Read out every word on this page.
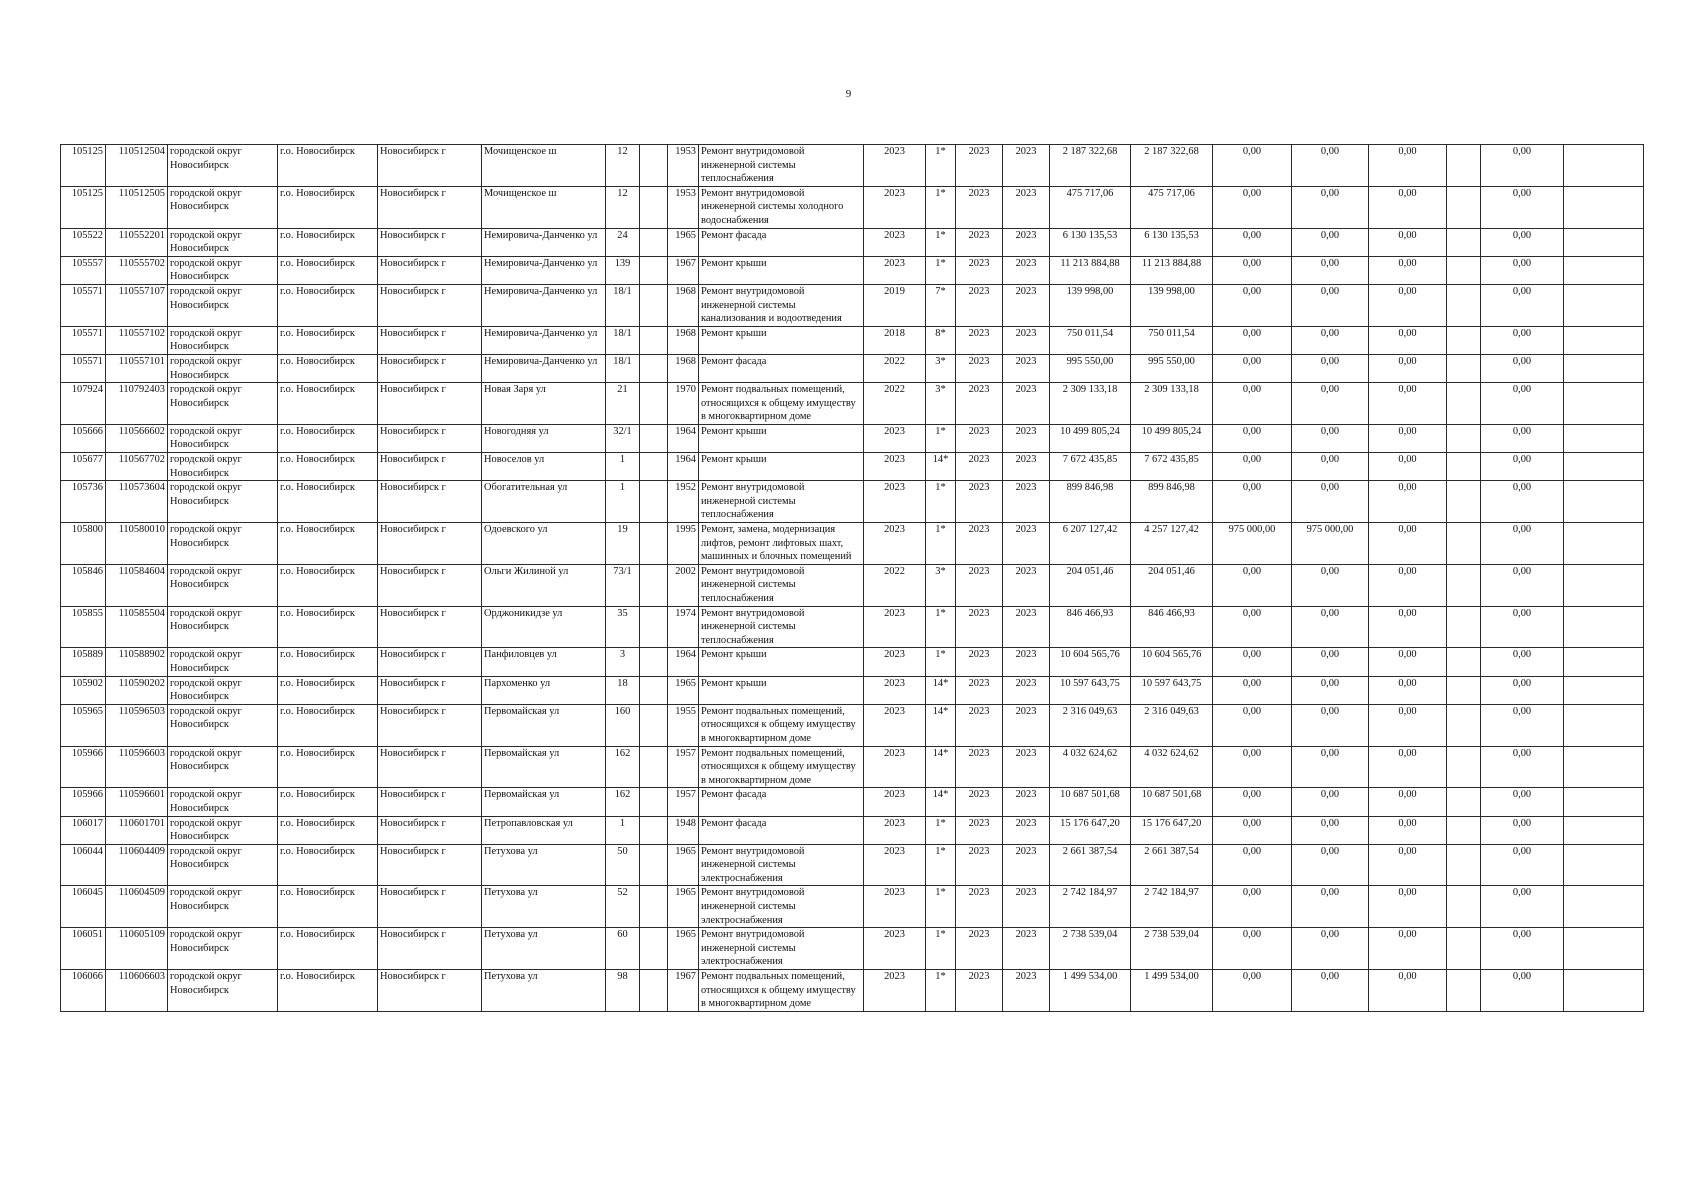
9
105125	110512504	городской округ Новосибирск	г.о. Новосибирск	Новосибирск г	Мочищенское ш	12		1953	Ремонт внутридомовой инженерной системы теплоснабжения	2023	1*	2023	2023	2 187 322,68	2 187 322,68	0,00	0,00	0,00		0,00	
105125	110512505	городской округ Новосибирск	г.о. Новосибирск	Новосибирск г	Мочищенское ш	12		1953	Ремонт внутридомовой инженерной системы холодного водоснабжения	2023	1*	2023	2023	475 717,06	475 717,06	0,00	0,00	0,00		0,00	
105522	110552201	городской округ Новосибирск	г.о. Новосибирск	Новосибирск г	Немировича-Данченко ул	24		1965	Ремонт фасада	2023	1*	2023	2023	6 130 135,53	6 130 135,53	0,00	0,00	0,00		0,00	
105557	110555702	городской округ Новосибирск	г.о. Новосибирск	Новосибирск г	Немировича-Данченко ул	139		1967	Ремонт крыши	2023	1*	2023	2023	11 213 884,88	11 213 884,88	0,00	0,00	0,00		0,00	
105571	110557107	городской округ Новосибирск	г.о. Новосибирск	Новосибирск г	Немировича-Данченко ул	18/1		1968	Ремонт внутридомовой инженерной системы канализования и водоотведения	2019	7*	2023	2023	139 998,00	139 998,00	0,00	0,00	0,00		0,00	
105571	110557102	городской округ Новосибирск	г.о. Новосибирск	Новосибирск г	Немировича-Данченко ул	18/1		1968	Ремонт крыши	2018	8*	2023	2023	750 011,54	750 011,54	0,00	0,00	0,00		0,00	
105571	110557101	городской округ Новосибирск	г.о. Новосибирск	Новосибирск г	Немировича-Данченко ул	18/1		1968	Ремонт фасада	2022	3*	2023	2023	995 550,00	995 550,00	0,00	0,00	0,00		0,00	
107924	110792403	городской округ Новосибирск	г.о. Новосибирск	Новосибирск г	Новая Заря ул	21		1970	Ремонт подвальных помещений, относящихся к общему имуществу в многоквартирном доме	2022	3*	2023	2023	2 309 133,18	2 309 133,18	0,00	0,00	0,00		0,00	
105666	110566602	городской округ Новосибирск	г.о. Новосибирск	Новосибирск г	Новогодняя ул	32/1		1964	Ремонт крыши	2023	1*	2023	2023	10 499 805,24	10 499 805,24	0,00	0,00	0,00		0,00	
105677	110567702	городской округ Новосибирск	г.о. Новосибирск	Новосибирск г	Новоселов ул	1		1964	Ремонт крыши	2023	14*	2023	2023	7 672 435,85	7 672 435,85	0,00	0,00	0,00		0,00	
105736	110573604	городской округ Новосибирск	г.о. Новосибирск	Новосибирск г	Обогатительная ул	1		1952	Ремонт внутридомовой инженерной системы теплоснабжения	2023	1*	2023	2023	899 846,98	899 846,98	0,00	0,00	0,00		0,00	
105800	110580010	городской округ Новосибирск	г.о. Новосибирск	Новосибирск г	Одоевского ул	19		1995	Ремонт, замена, модернизация лифтов, ремонт лифтовых шахт, машинных и блочных помещений	2023	1*	2023	2023	6 207 127,42	4 257 127,42	975 000,00	975 000,00	0,00		0,00	
105846	110584604	городской округ Новосибирск	г.о. Новосибирск	Новосибирск г	Ольги Жилиной ул	73/1		2002	Ремонт внутридомовой инженерной системы теплоснабжения	2022	3*	2023	2023	204 051,46	204 051,46	0,00	0,00	0,00		0,00	
105855	110585504	городской округ Новосибирск	г.о. Новосибирск	Новосибирск г	Орджоникидзе ул	35		1974	Ремонт внутридомовой инженерной системы теплоснабжения	2023	1*	2023	2023	846 466,93	846 466,93	0,00	0,00	0,00		0,00	
105889	110588902	городской округ Новосибирск	г.о. Новосибирск	Новосибирск г	Панфиловцев ул	3		1964	Ремонт крыши	2023	1*	2023	2023	10 604 565,76	10 604 565,76	0,00	0,00	0,00		0,00	
105902	110590202	городской округ Новосибирск	г.о. Новосибирск	Новосибирск г	Пархоменко ул	18		1965	Ремонт крыши	2023	14*	2023	2023	10 597 643,75	10 597 643,75	0,00	0,00	0,00		0,00	
105965	110596503	городской округ Новосибирск	г.о. Новосибирск	Новосибирск г	Первомайская ул	160		1955	Ремонт подвальных помещений, относящихся к общему имуществу в многоквартирном доме	2023	14*	2023	2023	2 316 049,63	2 316 049,63	0,00	0,00	0,00		0,00	
105966	110596603	городской округ Новосибирск	г.о. Новосибирск	Новосибирск г	Первомайская ул	162		1957	Ремонт подвальных помещений, относящихся к общему имуществу в многоквартирном доме	2023	14*	2023	2023	4 032 624,62	4 032 624,62	0,00	0,00	0,00		0,00	
105966	110596601	городской округ Новосибирск	г.о. Новосибирск	Новосибирск г	Первомайская ул	162		1957	Ремонт фасада	2023	14*	2023	2023	10 687 501,68	10 687 501,68	0,00	0,00	0,00		0,00	
106017	110601701	городской округ Новосибирск	г.о. Новосибирск	Новосибирск г	Петропавловская ул	1		1948	Ремонт фасада	2023	1*	2023	2023	15 176 647,20	15 176 647,20	0,00	0,00	0,00		0,00	
106044	110604409	городской округ Новосибирск	г.о. Новосибирск	Новосибирск г	Петухова ул	50		1965	Ремонт внутридомовой инженерной системы электроснабжения	2023	1*	2023	2023	2 661 387,54	2 661 387,54	0,00	0,00	0,00		0,00	
106045	110604509	городской округ Новосибирск	г.о. Новосибирск	Новосибирск г	Петухова ул	52		1965	Ремонт внутридомовой инженерной системы электроснабжения	2023	1*	2023	2023	2 742 184,97	2 742 184,97	0,00	0,00	0,00		0,00	
106051	110605109	городской округ Новосибирск	г.о. Новосибирск	Новосибирск г	Петухова ул	60		1965	Ремонт внутридомовой инженерной системы электроснабжения	2023	1*	2023	2023	2 738 539,04	2 738 539,04	0,00	0,00	0,00		0,00	
106066	110606603	городской округ Новосибирск	г.о. Новосибирск	Новосибирск г	Петухова ул	98		1967	Ремонт подвальных помещений, относящихся к общему имуществу в многоквартирном доме	2023	1*	2023	2023	1 499 534,00	1 499 534,00	0,00	0,00	0,00		0,00	
